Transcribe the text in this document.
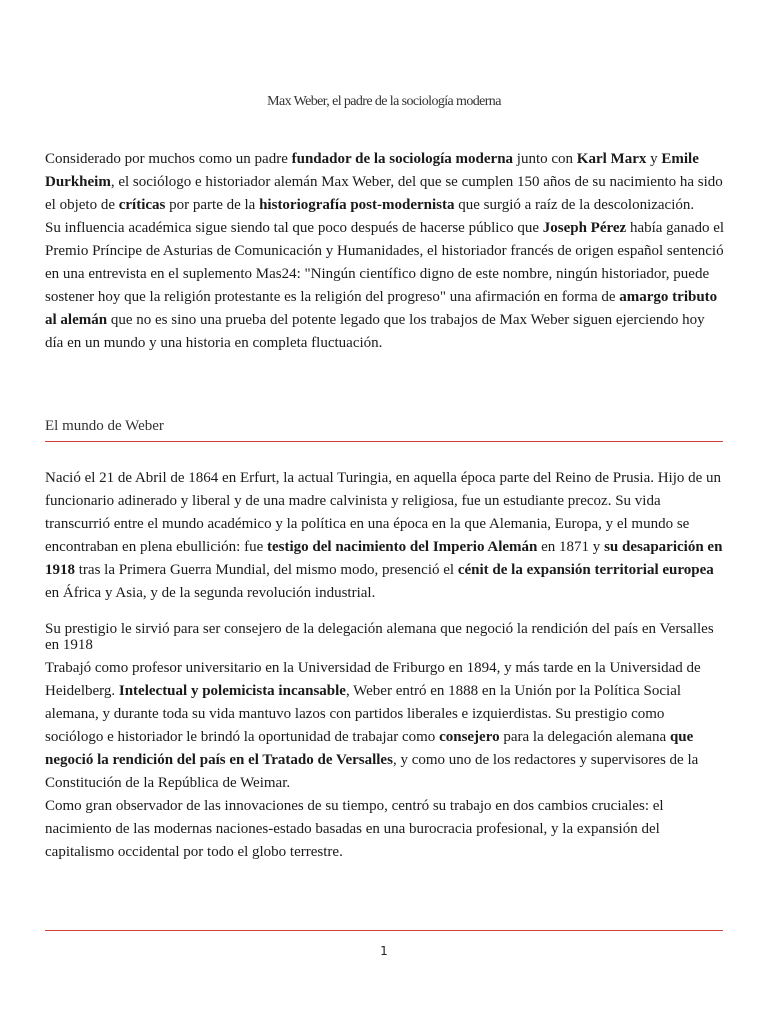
Max Weber, el padre de la sociología moderna

Considerado por muchos como un padre fundador de la sociología moderna junto con Karl Marx y Emile Durkheim, el sociólogo e historiador alemán Max Weber, del que se cumplen 150 años de su nacimiento ha sido el objeto de críticas por parte de la historiografía post-modernista que surgió a raíz de la descolonización.
Su influencia académica sigue siendo tal que poco después de hacerse público que Joseph Pérez había ganado el Premio Príncipe de Asturias de Comunicación y Humanidades, el historiador francés de origen español sentenció en una entrevista en el suplemento Mas24: "Ningún científico digno de este nombre, ningún historiador, puede sostener hoy que la religión protestante es la religión del progreso" una afirmación en forma de amargo tributo al alemán que no es sino una prueba del potente legado que los trabajos de Max Weber siguen ejerciendo hoy día en un mundo y una historia en completa fluctuación.

El mundo de Weber

Nació el 21 de Abril de 1864 en Erfurt, la actual Turingia, en aquella época parte del Reino de Prusia. Hijo de un funcionario adinerado y liberal y de una madre calvinista y religiosa, fue un estudiante precoz. Su vida transcurrió entre el mundo académico y la política en una época en la que Alemania, Europa, y el mundo se encontraban en plena ebullición: fue testigo del nacimiento del Imperio Alemán en 1871 y su desaparición en 1918 tras la Primera Guerra Mundial, del mismo modo, presenció el cénit de la expansión territorial europea en África y Asia, y de la segunda revolución industrial.

Su prestigio le sirvió para ser consejero de la delegación alemana que negoció la rendición del país en Versalles en 1918

Trabajó como profesor universitario en la Universidad de Friburgo en 1894, y más tarde en la Universidad de Heidelberg. Intelectual y polemicista incansable, Weber entró en 1888 en la Unión por la Política Social alemana, y durante toda su vida mantuvo lazos con partidos liberales e izquierdistas. Su prestigio como sociólogo e historiador le brindó la oportunidad de trabajar como consejero para la delegación alemana que negoció la rendición del país en el Tratado de Versalles, y como uno de los redactores y supervisores de la Constitución de la República de Weimar.
Como gran observador de las innovaciones de su tiempo, centró su trabajo en dos cambios cruciales: el nacimiento de las modernas naciones-estado basadas en una burocracia profesional, y la expansión del capitalismo occidental por todo el globo terrestre.

1
